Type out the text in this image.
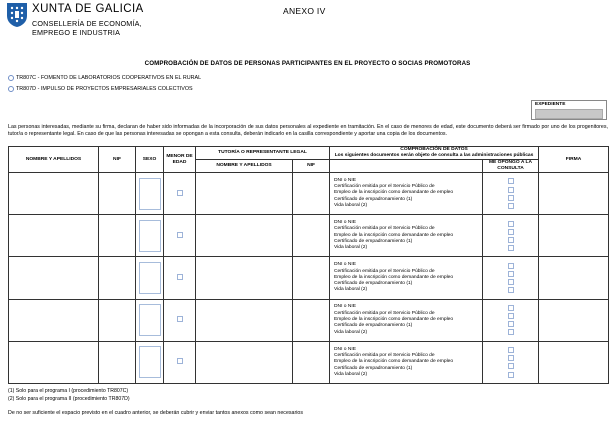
XUNTA DE GALICIA
CONSELLERÍA DE ECONOMÍA,
EMPREGO E INDUSTRIA
ANEXO IV
COMPROBACIÓN DE DATOS DE PERSONAS PARTICIPANTES EN EL PROYECTO O SOCIAS PROMOTORAS
TR807C - FOMENTO DE LABORATORIOS COOPERATIVOS EN EL RURAL
TR807D - IMPULSO DE PROYECTOS EMPRESARIALES COLECTIVOS
EXPEDIENTE
Las personas interesadas, mediante su firma, declaran de haber sido informadas de la incorporación de sus datos personales al expediente en tramitación. En el caso de menores de edad, este documento deberá ser firmado por uno de los progenitores, tutor/a o representante legal. En caso de que las personas interesadas se opongan a esta consulta, deberán indicarlo en la casilla correspondiente y aportar una copia de los documentos.
NOMBRE Y APELLIDOS	NIF	SEXO	MENOR DE EDAD	TUTOR/A O REPRESENTANTE LEGAL		COMPROBACIÓN DE DATOS
Los siguientes documentos serán objeto de consulta a las administraciones públicas		FIRMA
				NOMBRE Y APELLIDOS	NIF		ME OPONGO A LA CONSULTA	

						DNI o NIE
Certificación emitida por el Servicio Público de
Empleo de la inscripción como demandante de empleo
Certificado de empadronamiento (1)
Vida laboral (2)		

						DNI o NIE
Certificación emitida por el Servicio Público de
Empleo de la inscripción como demandante de empleo
Certificado de empadronamiento (1)
Vida laboral (2)		

						DNI o NIE
Certificación emitida por el Servicio Público de
Empleo de la inscripción como demandante de empleo
Certificado de empadronamiento (1)
Vida laboral (2)		

						DNI o NIE
Certificación emitida por el Servicio Público de
Empleo de la inscripción como demandante de empleo
Certificado de empadronamiento (1)
Vida laboral (2)		

						DNI o NIE
Certificación emitida por el Servicio Público de
Empleo de la inscripción como demandante de empleo
Certificado de empadronamiento (1)
Vida laboral (2)		

(1) Solo para el programa I (procedimiento TR807C)
(2) Solo para el programa II (procedimiento TR807D)
De no ser suficiente el espacio previsto en el cuadro anterior, se deberán cubrir y enviar tantos anexos como sean necesarios
